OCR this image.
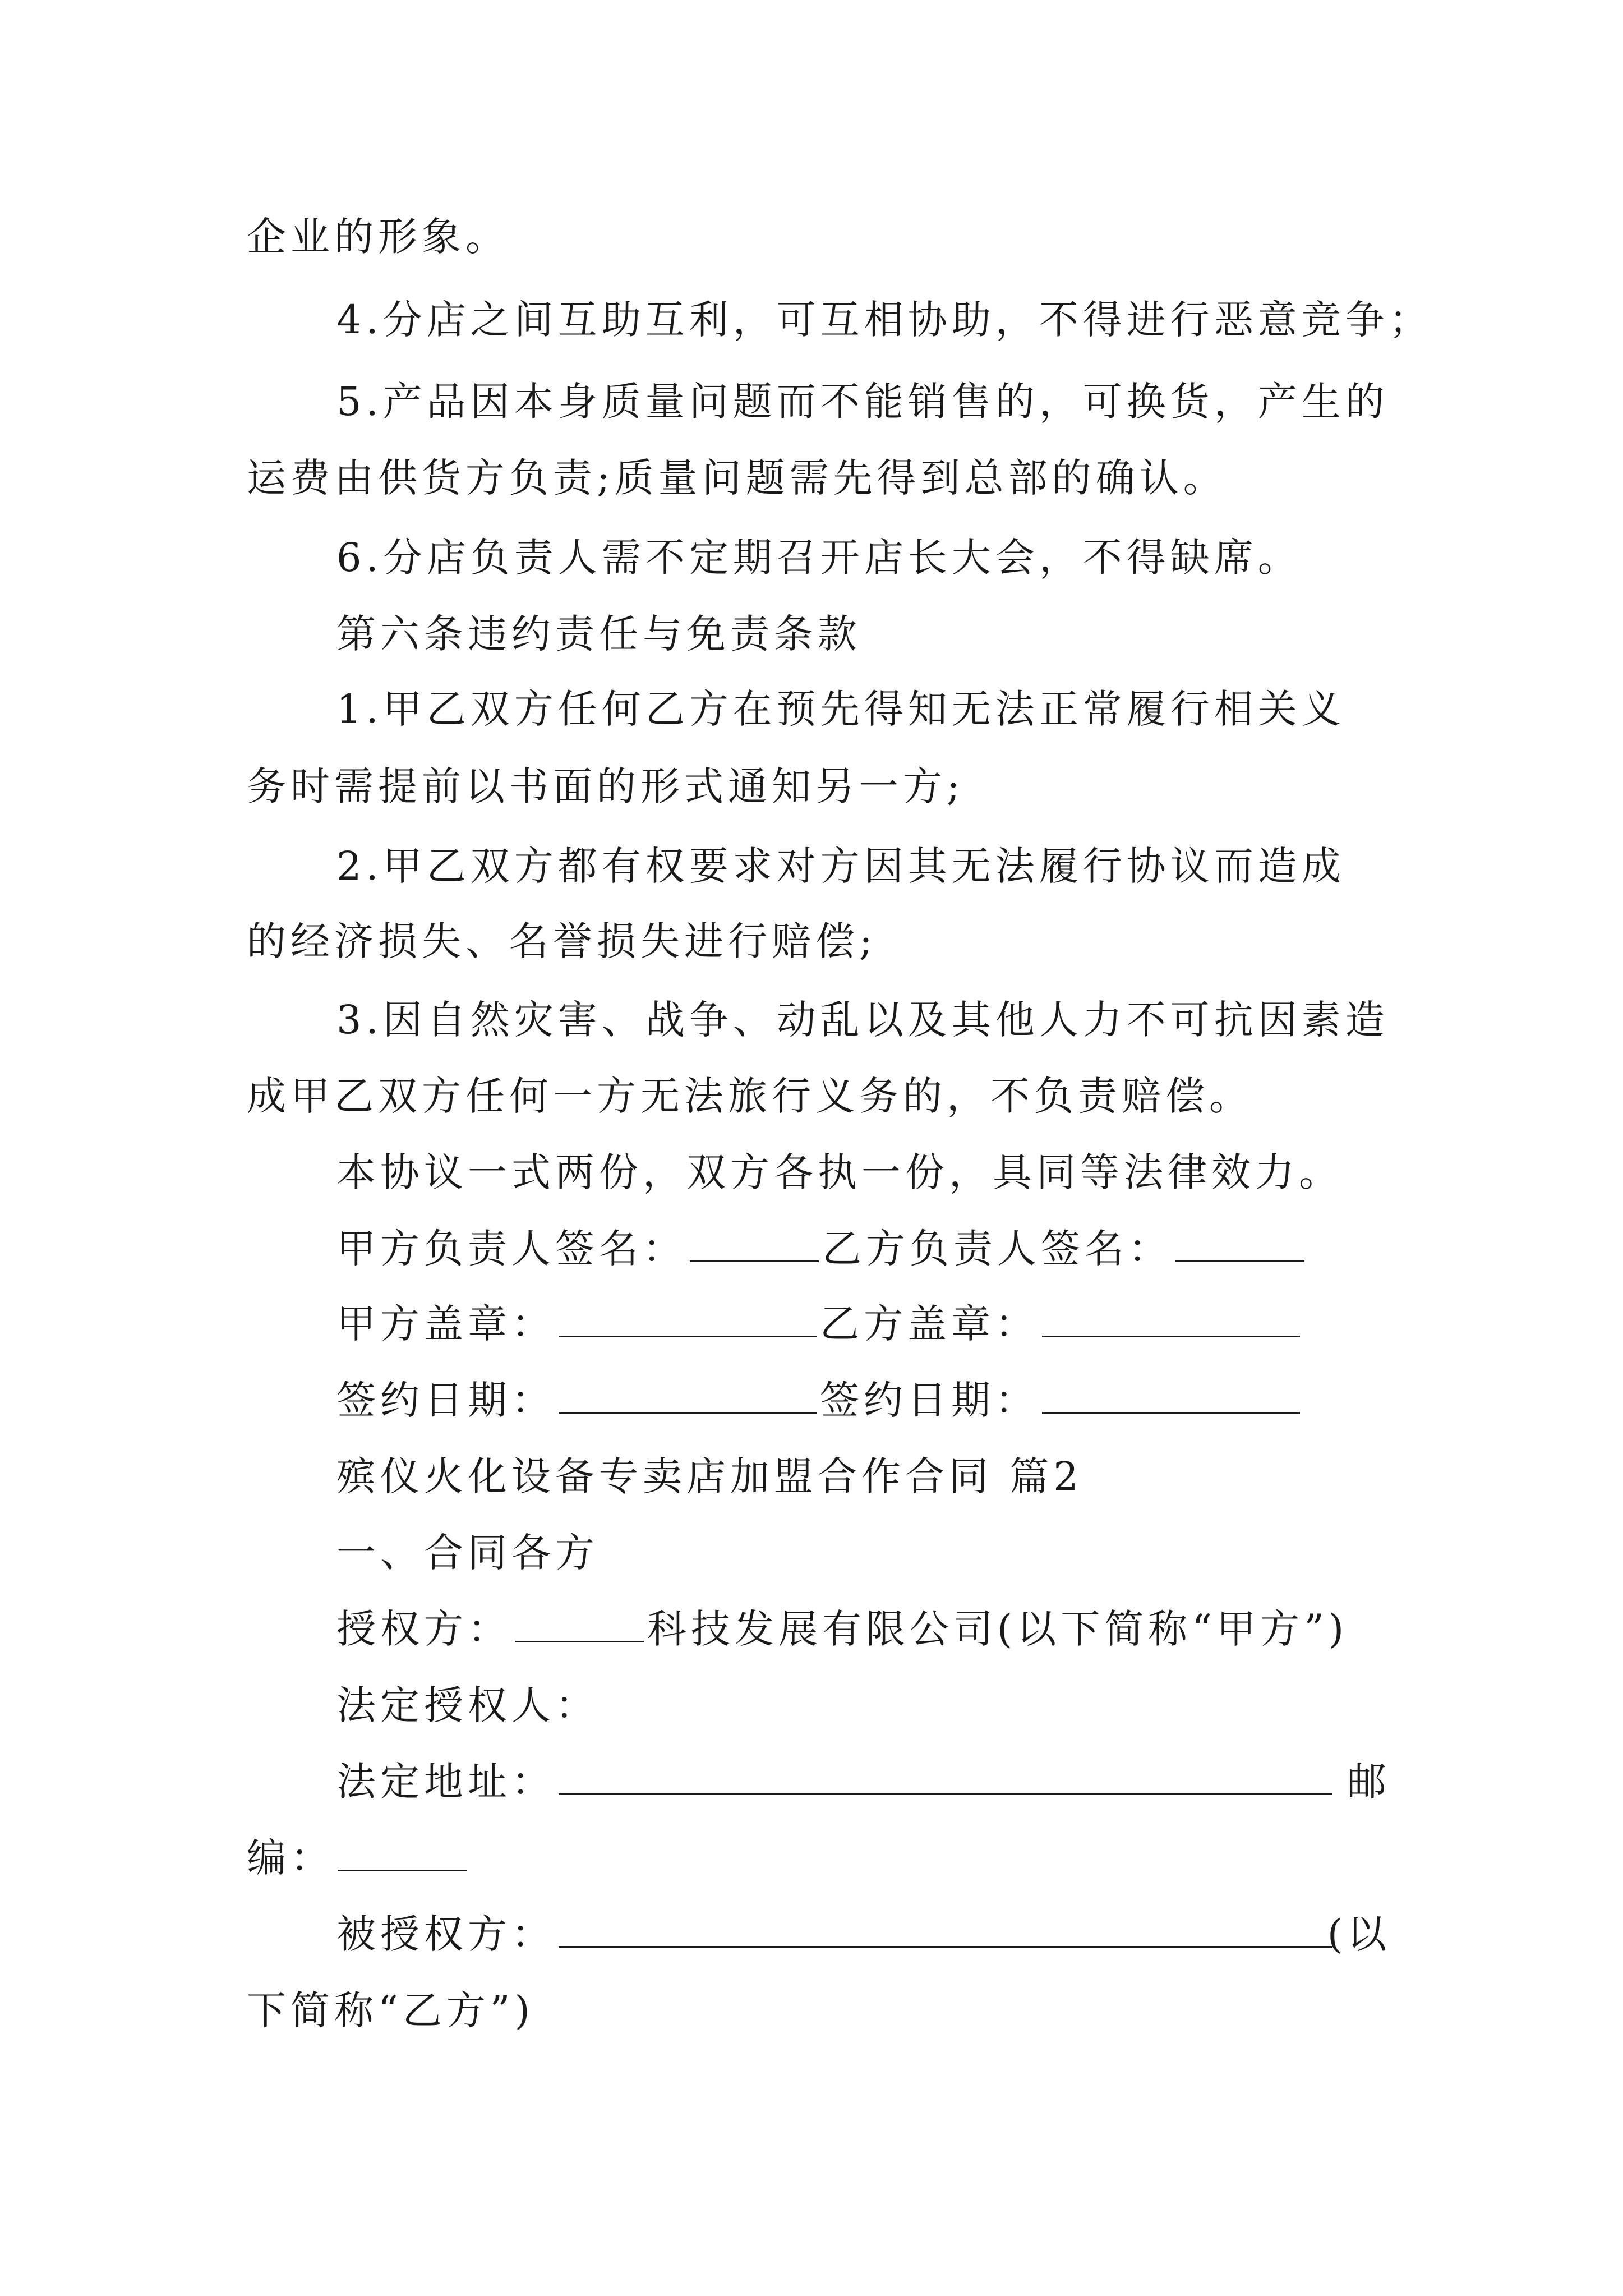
企业的形象。
4.分店之间互助互利，可互相协助，不得进行恶意竞争；
5.产品因本身质量问题而不能销售的，可换货，产生的
运费由供货方负责;质量问题需先得到总部的确认。
6.分店负责人需不定期召开店长大会，不得缺席。
第六条违约责任与免责条款
1.甲乙双方任何乙方在预先得知无法正常履行相关义
务时需提前以书面的形式通知另一方;
2.甲乙双方都有权要求对方因其无法履行协议而造成
的经济损失、名誉损失进行赔偿;
3.因自然灾害、战争、动乱以及其他人力不可抗因素造
成甲乙双方任何一方无法旅行义务的，不负责赔偿。
本协议一式两份，双方各执一份，具同等法律效力。
甲方负责人签名：	乙方负责人签名：
甲方盖章：	乙方盖章：
签约日期：	签约日期：
殡仪火化设备专卖店加盟合作合同 篇2
一、合同各方
授权方：	科技发展有限公司(以下简称“甲方”)
法定授权人：
法定地址：	邮
编：
被授权方：	(以
下简称“乙方”)
